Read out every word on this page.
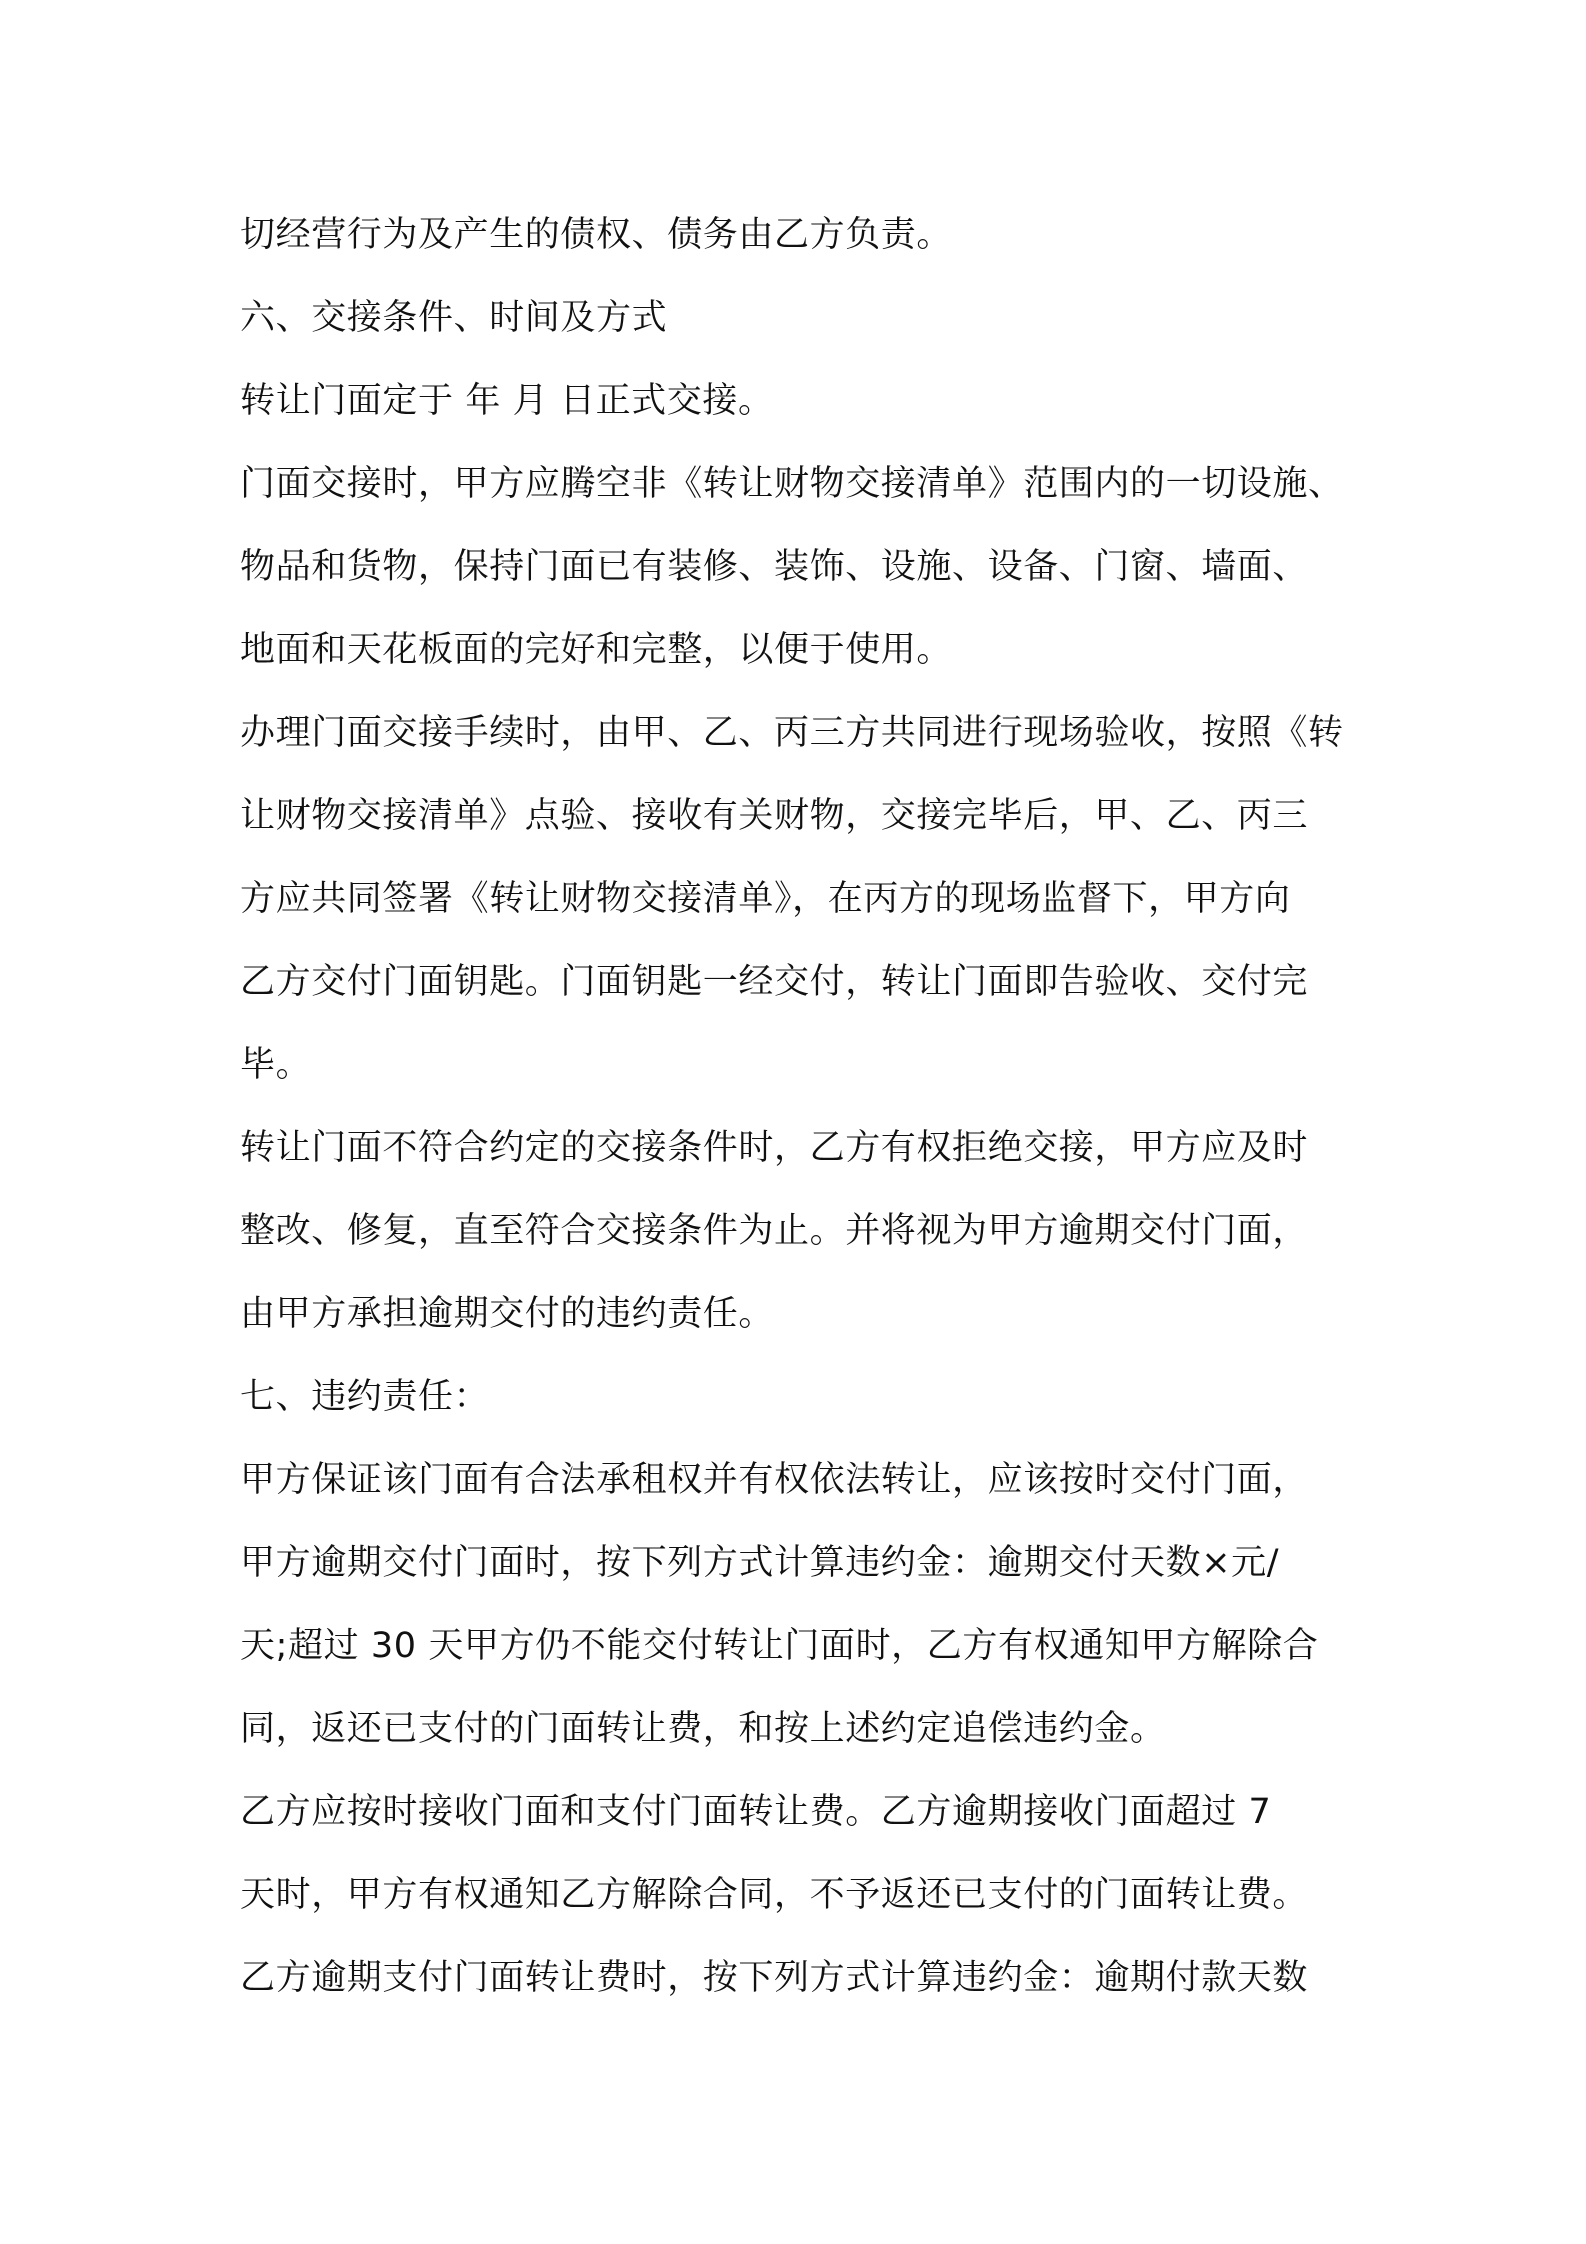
切经营行为及产生的债权、债务由乙方负责。
六、交接条件、时间及方式
转让门面定于 年 月 日正式交接。
门面交接时，甲方应腾空非《转让财物交接清单》范围内的一切设施、
物品和货物，保持门面已有装修、装饰、设施、设备、门窗、墙面、
地面和天花板面的完好和完整，以便于使用。
办理门面交接手续时，由甲、乙、丙三方共同进行现场验收，按照《转
让财物交接清单》点验、接收有关财物，交接完毕后，甲、乙、丙三
方应共同签署《转让财物交接清单》，在丙方的现场监督下，甲方向
乙方交付门面钥匙。门面钥匙一经交付，转让门面即告验收、交付完
毕。
转让门面不符合约定的交接条件时，乙方有权拒绝交接，甲方应及时
整改、修复，直至符合交接条件为止。并将视为甲方逾期交付门面，
由甲方承担逾期交付的违约责任。
七、违约责任：
甲方保证该门面有合法承租权并有权依法转让，应该按时交付门面，
甲方逾期交付门面时，按下列方式计算违约金：逾期交付天数×元/
天;超过 30 天甲方仍不能交付转让门面时，乙方有权通知甲方解除合
同，返还已支付的门面转让费，和按上述约定追偿违约金。
乙方应按时接收门面和支付门面转让费。乙方逾期接收门面超过 7
天时，甲方有权通知乙方解除合同，不予返还已支付的门面转让费。
乙方逾期支付门面转让费时，按下列方式计算违约金：逾期付款天数
